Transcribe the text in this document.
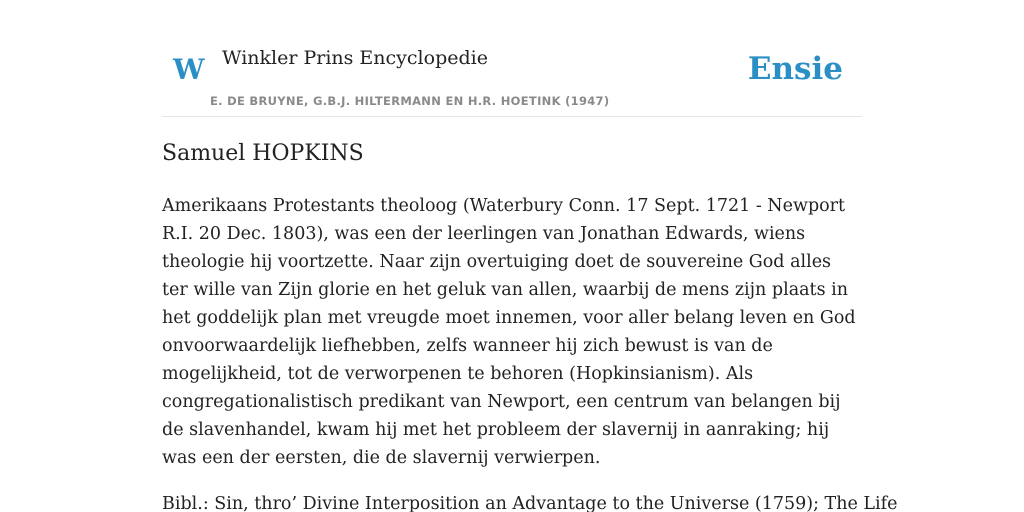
W Winkler Prins Encyclopedie
E. DE BRUYNE, G.B.J. HILTERMANN EN H.R. HOETINK (1947)
Ensie
Samuel HOPKINS

Amerikaans Protestants theoloog (Waterbury Conn. 17 Sept. 1721 - Newport R.I. 20 Dec. 1803), was een der leerlingen van Jonathan Edwards, wiens theologie hij voortzette. Naar zijn overtuiging doet de souvereine God alles ter wille van Zijn glorie en het geluk van allen, waarbij de mens zijn plaats in het goddelijk plan met vreugde moet innemen, voor aller belang leven en God onvoorwaardelijk liefhebben, zelfs wanneer hij zich bewust is van de mogelijkheid, tot de verworpenen te behoren (Hopkinsianism). Als congregationalistisch predikant van Newport, een centrum van belangen bij de slavenhandel, kwam hij met het probleem der slavernij in aanraking; hij was een der eersten, die de slavernij verwierpen.

Bibl.: Sin, thro’ Divine Interposition an Advantage to the Universe (1759); The Life
